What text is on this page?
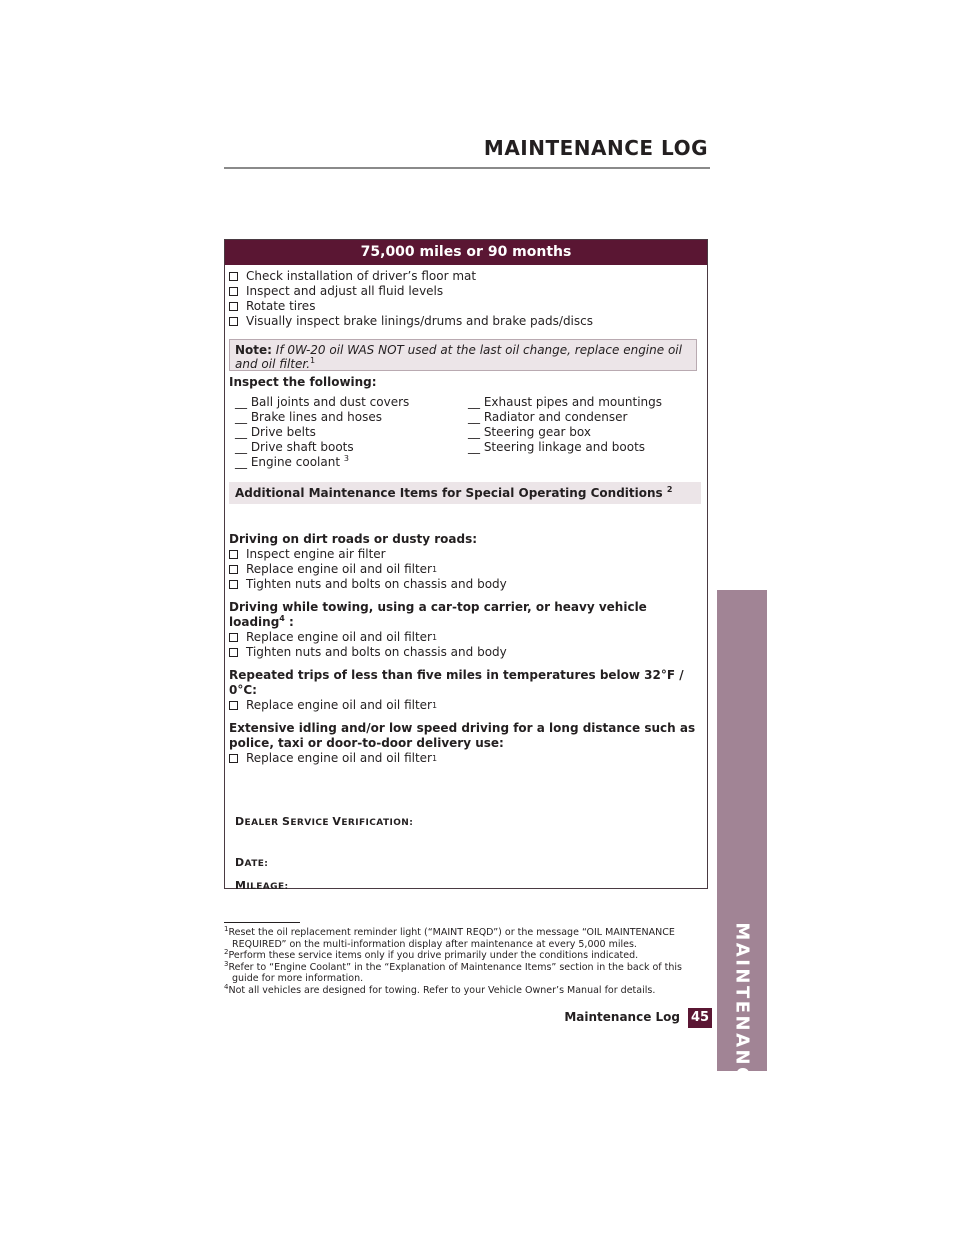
MAINTENANCE LOG
75,000 miles or 90 months
Check installation of driver’s floor mat
Inspect and adjust all fluid levels
Rotate tires
Visually inspect brake linings/drums and brake pads/discs
Note: If 0W-20 oil WAS NOT used at the last oil change, replace engine oil and oil filter.$^1$
Inspect the following:
__ Ball joints and dust covers
__ Brake lines and hoses
__ Drive belts
__ Drive shaft boots
__ Engine coolant $^3$
__ Exhaust pipes and mountings
__ Radiator and condenser
__ Steering gear box
__ Steering linkage and boots
Additional Maintenance Items for Special Operating Conditions $^2$
Driving on dirt roads or dusty roads:
Inspect engine air filter
Replace engine oil and oil filter 1
Tighten nuts and bolts on chassis and body
Driving while towing, using a car-top carrier, or heavy vehicle loading$^4$ :
Replace engine oil and oil filter 1
Tighten nuts and bolts on chassis and body
Repeated trips of less than five miles in temperatures below 32°F / 0°C:
Replace engine oil and oil filter 1
Extensive idling and/or low speed driving for a long distance such as police, taxi or door-to-door delivery use:
Replace engine oil and oil filter 1
DEALER SERVICE VERIFICATION:
DATE:
MILEAGE:
$^1$Reset the oil replacement reminder light (“MAINT REQD”) or the message “OIL MAINTENANCE REQUIRED” on the multi-information display after maintenance at every 5,000 miles.
$^2$Perform these service items only if you drive primarily under the conditions indicated.
$^3$Refer to “Engine Coolant” in the “Explanation of Maintenance Items” section in the back of this guide for more information.
$^4$Not all vehicles are designed for towing. Refer to your Vehicle Owner’s Manual for details.
Maintenance Log 45 MAINTENANCE
